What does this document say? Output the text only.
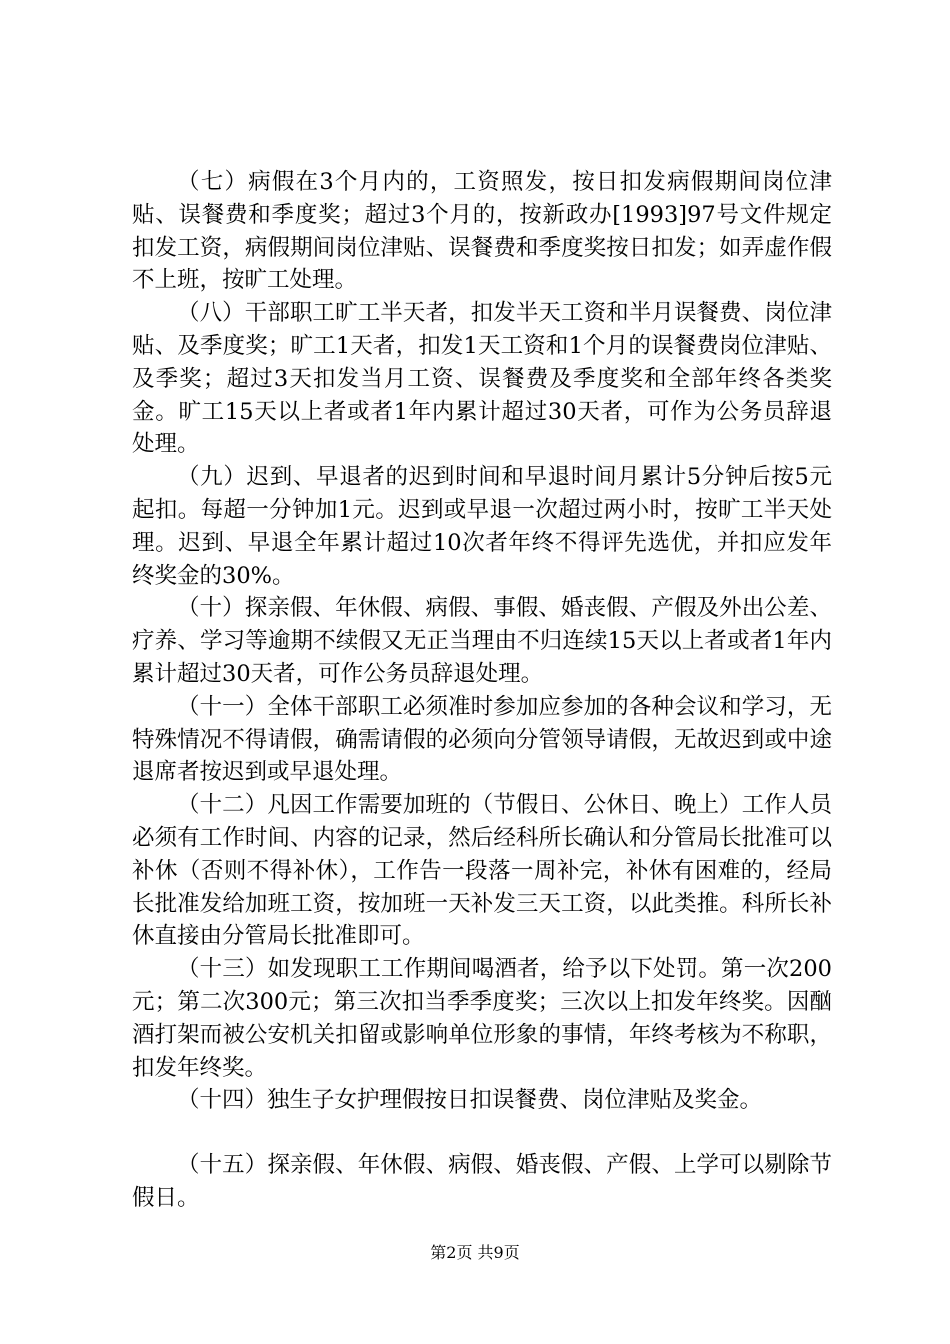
（七）病假在3个月内的，工资照发，按日扣发病假期间岗位津贴、误餐费和季度奖；超过3个月的，按新政办[1993]97号文件规定扣发工资，病假期间岗位津贴、误餐费和季度奖按日扣发；如弄虚作假不上班，按旷工处理。

（八）干部职工旷工半天者，扣发半天工资和半月误餐费、岗位津贴、及季度奖；旷工1天者，扣发1天工资和1个月的误餐费岗位津贴、及季奖；超过3天扣发当月工资、误餐费及季度奖和全部年终各类奖金。旷工15天以上者或者1年内累计超过30天者，可作为公务员辞退处理。

（九）迟到、早退者的迟到时间和早退时间月累计5分钟后按5元起扣。每超一分钟加1元。迟到或早退一次超过两小时，按旷工半天处理。迟到、早退全年累计超过10次者年终不得评先选优，并扣应发年终奖金的30%。

（十）探亲假、年休假、病假、事假、婚丧假、产假及外出公差、疗养、学习等逾期不续假又无正当理由不归连续15天以上者或者1年内累计超过30天者，可作公务员辞退处理。

（十一）全体干部职工必须准时参加应参加的各种会议和学习，无特殊情况不得请假，确需请假的必须向分管领导请假，无故迟到或中途退席者按迟到或早退处理。

（十二）凡因工作需要加班的（节假日、公休日、晚上）工作人员必须有工作时间、内容的记录，然后经科所长确认和分管局长批准可以补休（否则不得补休），工作告一段落一周补完，补休有困难的，经局长批准发给加班工资，按加班一天补发三天工资，以此类推。科所长补休直接由分管局长批准即可。

（十三）如发现职工工作期间喝酒者，给予以下处罚。第一次200元；第二次300元；第三次扣当季季度奖；三次以上扣发年终奖。因酗酒打架而被公安机关扣留或影响单位形象的事情，年终考核为不称职，扣发年终奖。

（十四）独生子女护理假按日扣误餐费、岗位津贴及奖金。

（十五）探亲假、年休假、病假、婚丧假、产假、上学可以剔除节假日。

第2页 共9页
